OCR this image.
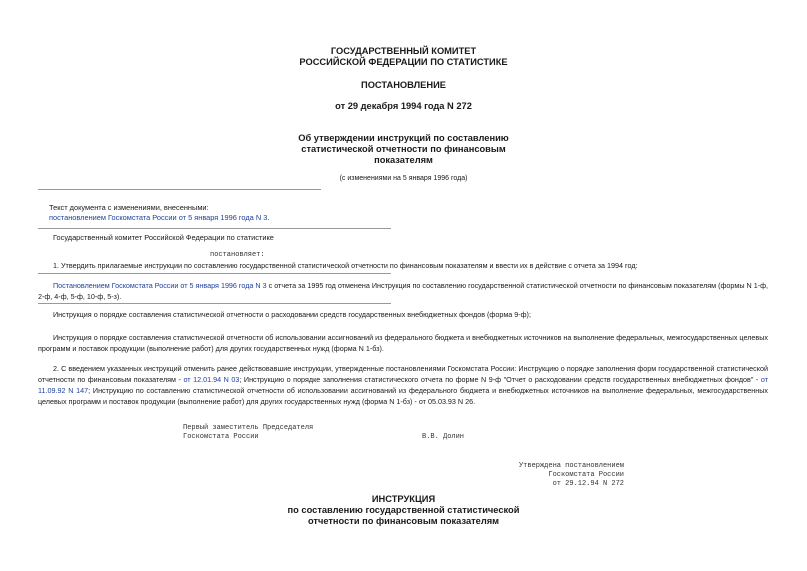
ГОСУДАРСТВЕННЫЙ КОМИТЕТ
РОССИЙСКОЙ ФЕДЕРАЦИИ ПО СТАТИСТИКЕ
ПОСТАНОВЛЕНИЕ
от 29 декабря 1994 года N 272
Об утверждении инструкций по составлению
статистической отчетности по финансовым
показателям
(с изменениями на 5 января 1996 года)
Текст документа с изменениями, внесенными:
постановлением Госкомстата России от 5 января 1996 года N 3.
Государственный комитет Российской Федерации по статистике
постановляет:
1. Утвердить прилагаемые инструкции по составлению государственной статистической отчетности по финансовым показателям и ввести их в действие с отчета за 1994 год:
Постановлением Госкомстата России от 5 января 1996 года N 3 с отчета за 1995 год отменена Инструкция по составлению государственной статистической отчетности по финансовым показателям (формы N 1-ф, 2-ф, 4-ф, 5-ф, 10-ф, 5-з).
Инструкция о порядке составления статистической отчетности о расходовании средств государственных внебюджетных фондов (форма 9-ф);
Инструкция о порядке составления статистической отчетности об использовании ассигнований из федерального бюджета и внебюджетных источников на выполнение федеральных, межгосударственных целевых программ и поставок продукции (выполнение работ) для других государственных нужд (форма N 1-бз).
2. С введением указанных инструкций отменить ранее действовавшие инструкции, утвержденные постановлениями Госкомстата России: Инструкцию о порядке заполнения форм государственной статистической отчетности по финансовым показателям - от 12.01.94 N 03; Инструкцию о порядке заполнения статистического отчета по форме N 9-ф "Отчет о расходовании средств государственных внебюджетных фондов" - от 11.09.92 N 147; Инструкцию по составлению статистической отчетности об использовании ассигнований из федерального бюджета и внебюджетных источников на выполнение федеральных, межгосударственных целевых программ и поставок продукции (выполнение работ) для других государственных нужд (форма N 1-бз) - от 05.03.93 N 26.
Первый заместитель Председателя
Госкомстата России	В.В. Долин
Утверждена постановлением
Госкомстата России
от 29.12.94 N 272
ИНСТРУКЦИЯ
по составлению государственной статистической
отчетности по финансовым показателям
